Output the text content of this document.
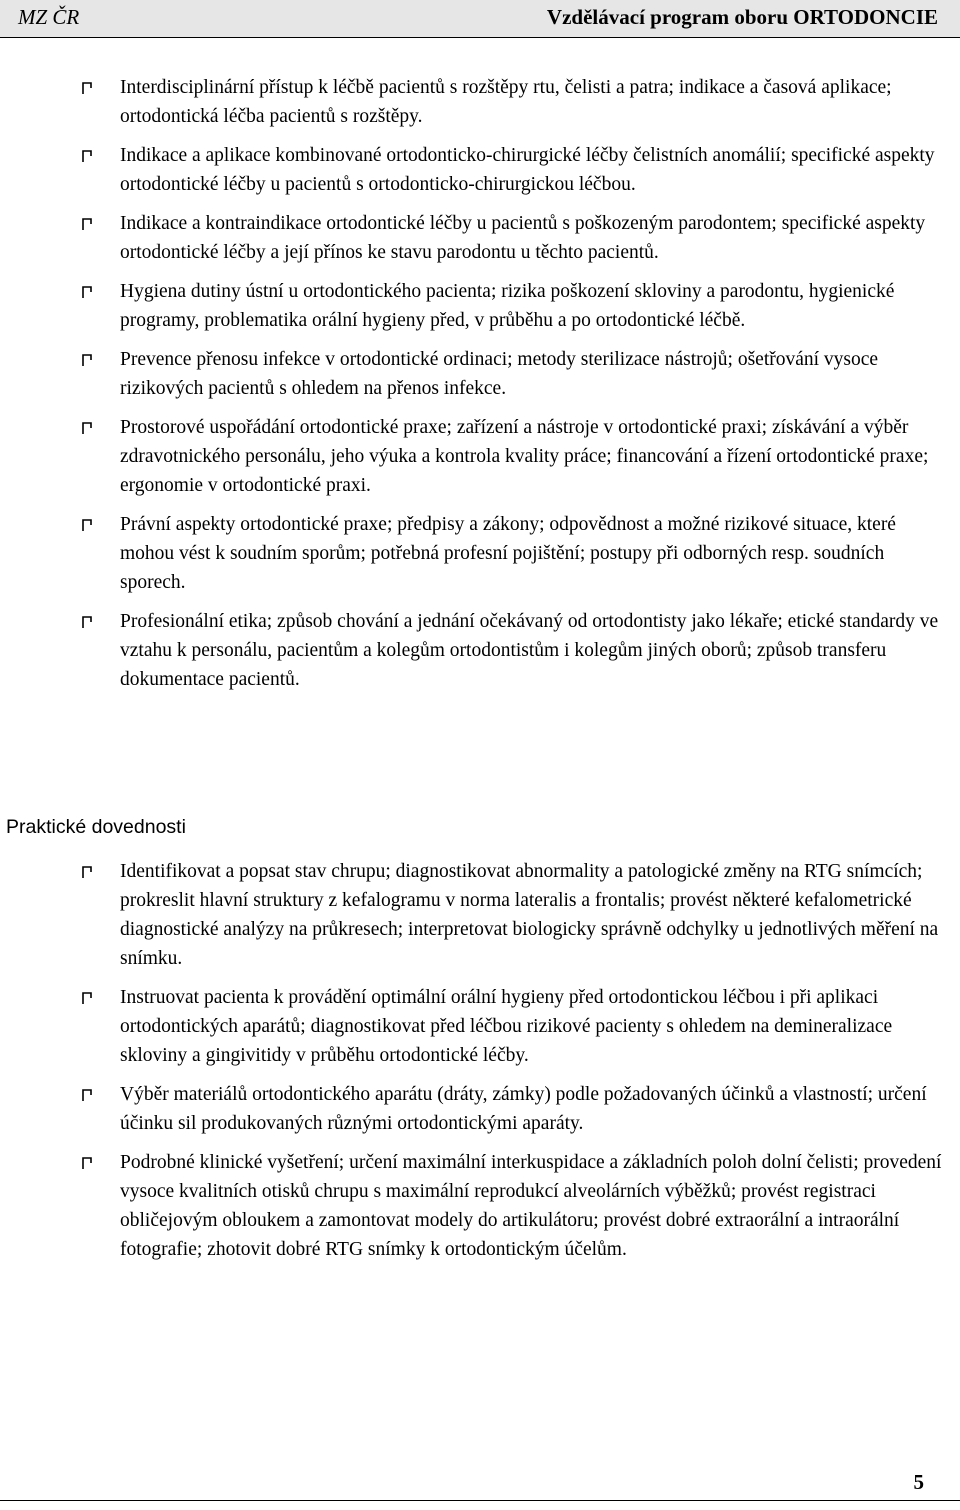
MZ ČR	Vzdělávací program oboru ORTODONCIE
Interdisciplinární přístup k léčbě pacientů s rozštěpy rtu, čelisti a patra; indikace a časová aplikace; ortodontická léčba pacientů s rozštěpy.
Indikace a aplikace kombinované ortodonticko-chirurgické léčby čelistních anomálií; specifické aspekty ortodontické léčby u pacientů s ortodonticko-chirurgickou léčbou.
Indikace a kontraindikace ortodontické léčby u pacientů s poškozeným parodontem; specifické aspekty ortodontické léčby a její přínos ke stavu parodontu u těchto pacientů.
Hygiena dutiny ústní u ortodontického pacienta; rizika poškození skloviny a parodontu, hygienické programy, problematika orální hygieny před, v průběhu a po ortodontické léčbě.
Prevence přenosu infekce v ortodontické ordinaci; metody sterilizace nástrojů; ošetřování vysoce rizikových pacientů s ohledem na přenos infekce.
Prostorové uspořádání ortodontické praxe; zařízení a nástroje v ortodontické praxi; získávání a výběr zdravotnického personálu, jeho výuka a kontrola kvality práce; financování a řízení ortodontické praxe; ergonomie v ortodontické praxi.
Právní aspekty ortodontické praxe; předpisy a zákony; odpovědnost a možné rizikové situace, které mohou vést k soudním sporům; potřebná profesní pojištění; postupy při odborných resp. soudních sporech.
Profesionální etika; způsob chování a jednání očekávaný od ortodontisty jako lékaře; etické standardy ve vztahu k personálu, pacientům a kolegům ortodontistům i kolegům jiných oborů; způsob transferu dokumentace pacientů.
Praktické dovednosti
Identifikovat a popsat stav chrupu; diagnostikovat abnormality a patologické změny na RTG snímcích; prokreslit hlavní struktury z kefalogramu v norma lateralis a frontalis; provést některé kefalometrické diagnostické analýzy na průkresech; interpretovat biologicky správně odchylky u jednotlivých měření na snímku.
Instruovat pacienta k provádění optimální orální hygieny před ortodontickou léčbou i při aplikaci ortodontických aparátů; diagnostikovat před léčbou rizikové pacienty s ohledem na demineralizace skloviny a gingivitidy v průběhu ortodontické léčby.
Výběr materiálů ortodontického aparátu (dráty, zámky) podle požadovaných účinků a vlastností; určení účinku sil produkovaných různými ortodontickými aparáty.
Podrobné klinické vyšetření; určení maximální interkuspidace a základních poloh dolní čelisti; provedení vysoce kvalitních otisků chrupu s maximální reprodukcí alveolárních výběžků; provést registraci obličejovým obloukem a zamontovat modely do artikulátoru; provést dobré extraorální a intraorální fotografie; zhotovit dobré RTG snímky k ortodontickým účelům.
5
